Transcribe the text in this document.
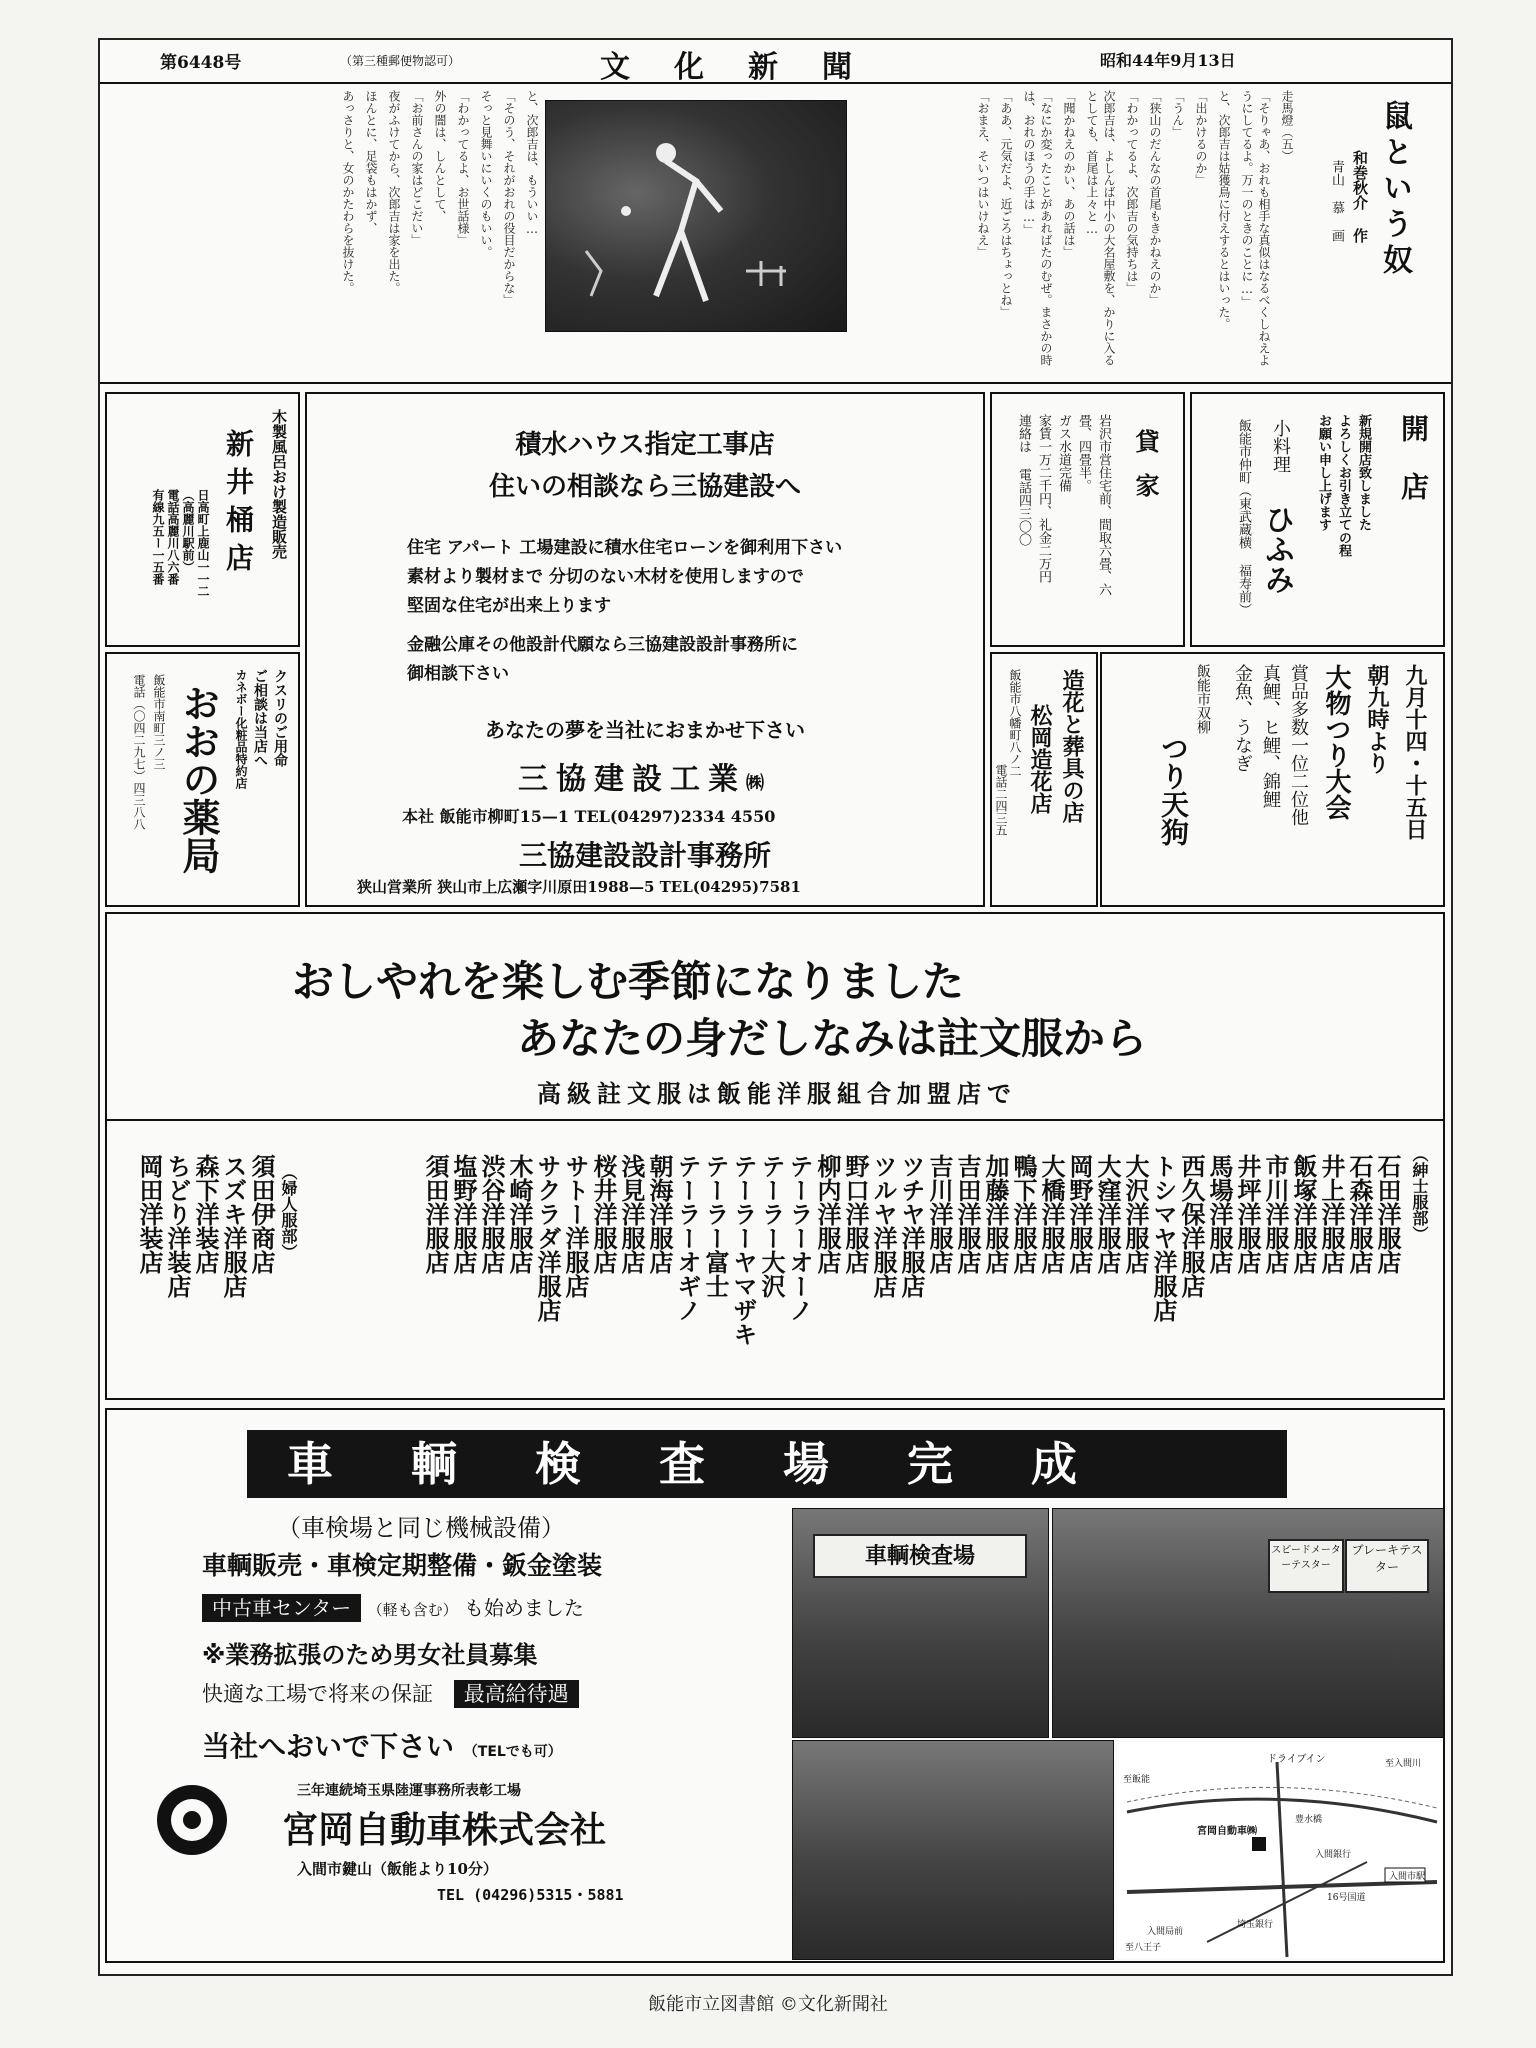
第6448号	（第三種郵便物認可）	文化新聞	昭和44年9月13日
鼠という奴
和巻秋介 作
青山 慕 画

走馬燈（五）

「そりゃあ、おれも相手な真似はなるべくしねえようにしてるよ。万一のときのことに…」

と、次郎吉は姑獲鳥に付えするとはいった。

「出かけるのか」

「うん」

「狭山のだんなの首尾もきかねえのか」

「わかってるよ、次郎吉の気持ちは」

次郎吉は、よしんば中小の大名屋敷を、かりに入るとしても、首尾は上々と…

「聞かねえのかい、あの話は」

「なにか変ったことがあればたのむぜ。まさかの時は、おれのほうの手は…」

「ああ、元気だよ、近ごろはちょっとね」

「おまえ、そいつはいけねえ」

と、次郎吉は、もういい…

「そのう、それがおれの役目だからな」

そっと見舞いにいくのもいい。

「わかってるよ、お世話様」

外の闇は、しんとして、

「お前さんの家はどこだい」

夜がふけてから、次郎吉は家を出た。

ほんとに、足袋もはかず、

あっさりと、女のかたわらを抜けた。

開店
新規開店致しました
よろしくお引き立ての程
お願い申し上げます
小料理
ひふみ
飯能市仲町（東武蔵横 福寿前）
貸家
岩沢市営住宅前、間取六畳、六
畳、四畳半。
ガス水道完備
家賃一万二千円、礼金二万円
連絡は 電話四三〇〇
九月十四・十五日
朝九時より
大物つり大会
賞品多数一位二位他
真鯉、ヒ鯉、錦鯉
金魚、うなぎ
飯能市双柳
つり天狗
造花と葬具の店
松岡造花店
飯能市八幡町八ノ二
電話二四三五
積水ハウス指定工事店
住いの相談なら三協建設へ
住宅 アパート 工場建設に積水住宅ローンを御利用下さい
素材より製材まで 分切のない木材を使用しますので
堅固な住宅が出来上ります
金融公庫その他設計代願なら三協建設設計事務所に
御相談下さい
あなたの夢を当社におまかせ下さい
三協建設工業㈱
本社 飯能市柳町15—1 TEL(04297)2334 4550
三協建設設計事務所
狭山営業所 狭山市上広瀬字川原田1988—5 TEL(04295)7581
木製風呂おけ製造販売
新井桶店
日高町上鹿山一一二
（高麗川駅前）
電話高麗川八六番
有線九五ー一五番
クスリのご用命
ご相談は当店へ
カネボー化粧品特約店
おおの薬局
飯能市南町三ノ三
電話（〇四二九七）四三八八
おしやれを楽しむ季節になりました
あなたの身だしなみは註文服から
高級註文服は飯能洋服組合加盟店で
（紳士服部）
石田洋服店
石森洋服店
井上洋服店
飯塚洋服店
市川洋服店
井坪洋服店
馬場洋服店
西久保洋服店
トシマヤ洋服店
大沢洋服店
大窪洋服店
岡野洋服店
大橋洋服店
鴨下洋服店
加藤洋服店
吉田洋服店
吉川洋服店
ツチヤ洋服店
ツルヤ洋服店
野口洋服店
柳内洋服店
テーラーオーノ
テーラー大沢
テーラーヤマザキ
テーラー富士
テーラーオギノ
朝海洋服店
浅見洋服店
桜井洋服店
サトー洋服店
サクラダ洋服店
木崎洋服店
渋谷洋服店
塩野洋服店
須田洋服店
（婦人服部）
須田伊商店
スズキ洋服店
森下洋装店
ちどり洋装店
岡田洋装店
車輌検査場完成
（車検場と同じ機械設備）
車輌販売・車検定期整備・鈑金塗装
中古車センター （軽も含む） も始めました
※業務拡張のため男女社員募集
快適な工場で将来の保証 最高給待遇
当社へおいで下さい （TELでも可）
三年連続埼玉県陸運事務所表彰工場
宮岡自動車株式会社
入間市鍵山（飯能より10分）
TEL (04296)5315・5881
車輌検査場	スピードメーターテスター
ブレーキテスター
ドライブイン	至入間川
至飯能
宮岡自動車㈱
豊水橋
入間銀行
16号国道
入間市駅
至八王子
埼玉銀行
入間局前
飯能市立図書館 ©文化新聞社
